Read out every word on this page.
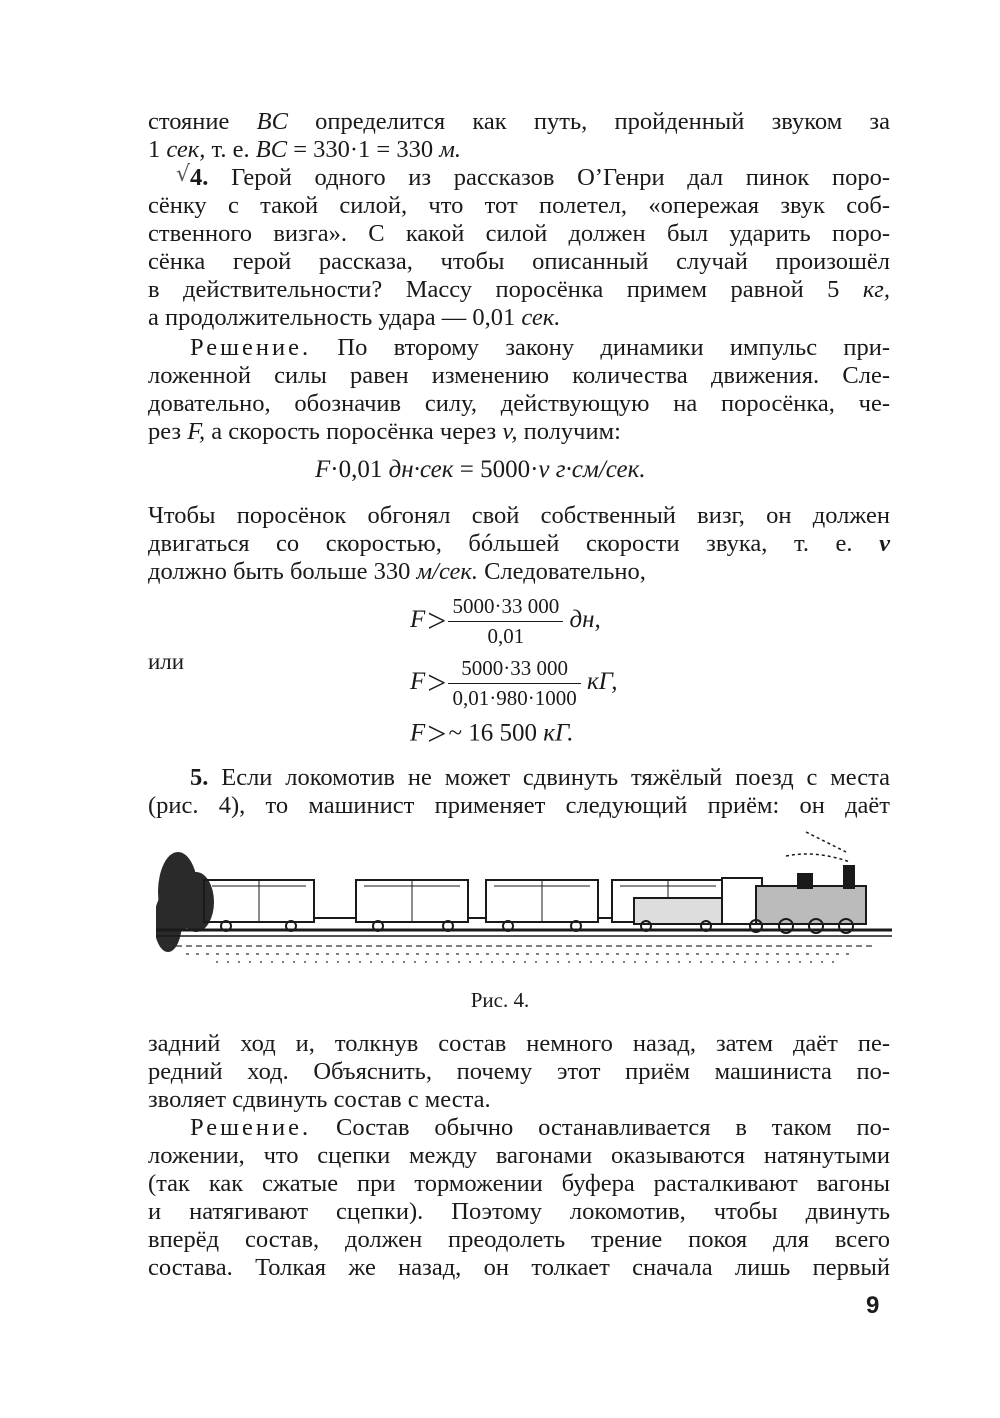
стояние BC определится как путь, пройденный звуком за
1 сек, т. е. BC = 330·1 = 330 м.
√ 4. Герой одного из рассказов О’Генри дал пинок поро-
сёнку с такой силой, что тот полетел, «опережая звук соб-
ственного визга». С какой силой должен был ударить поро-
сёнка герой рассказа, чтобы описанный случай произошёл
в действительности? Массу поросёнка примем равной 5 кг,
а продолжительность удара — 0,01 сек.
Решение. По второму закону динамики импульс при-
ложенной силы равен изменению количества движения. Сле-
довательно, обозначив силу, действующую на поросёнка, че-
рез F, а скорость поросёнка через v, получим:
F·0,01 дн·сек = 5000·v г·см/сек.
Чтобы поросёнок обгонял свой собственный визг, он должен
двигаться со скоростью, бóльшей скорости звука, т. е. v
должно быть больше 330 м/сек. Следовательно,
$F> \frac{5000\cdot 33 000}{0,01}$ дн,
или
$F> \frac{5000\cdot 33 000}{0,01\cdot 980\cdot 1000}$ кГ,
F>~ 16 500 кГ.
5. Если локомотив не может сдвинуть тяжёлый поезд с места
(рис. 4), то машинист применяет следующий приём: он даёт
Рис. 4.
задний ход и, толкнув состав немного назад, затем даёт пе-
редний ход. Объяснить, почему этот приём машиниста по-
зволяет сдвинуть состав с места.
Решение. Состав обычно останавливается в таком по-
ложении, что сцепки между вагонами оказываются натянутыми
(так как сжатые при торможении буфера расталкивают вагоны
и натягивают сцепки). Поэтому локомотив, чтобы двинуть
вперёд состав, должен преодолеть трение покоя для всего
состава. Толкая же назад, он толкает сначала лишь первый
9
